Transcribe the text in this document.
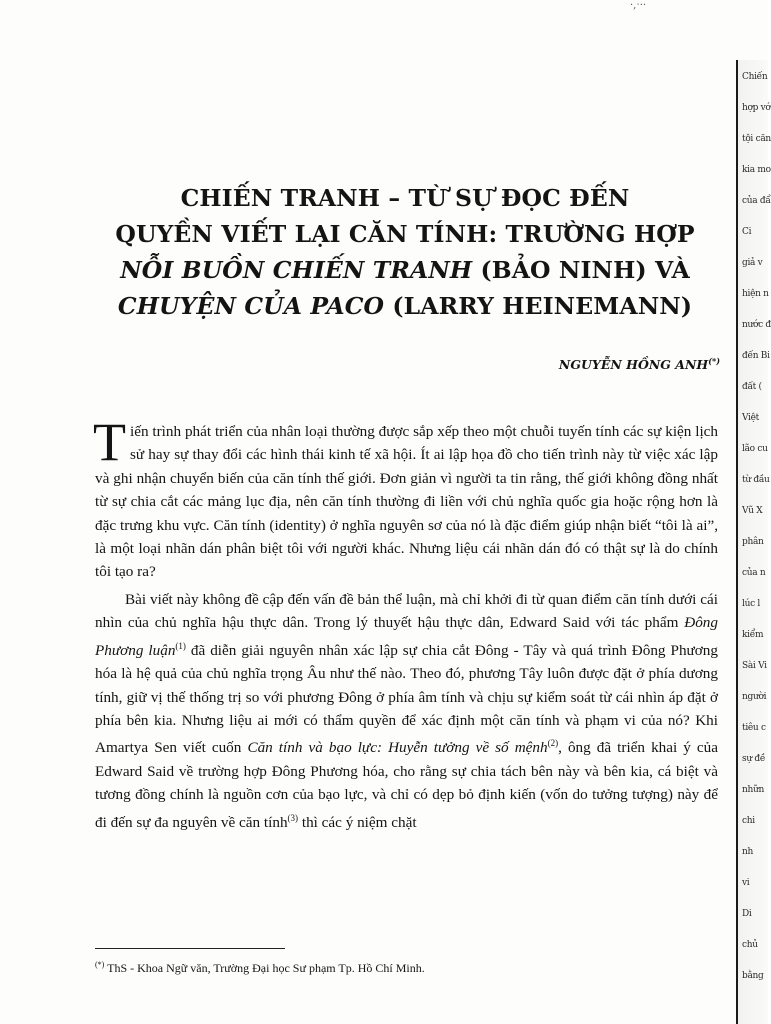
·,ˑ··
Chiến
hợp vớ
tội căn
kia mo
của đẩ
Ci
giả v
hiện n
nước đ
đến Bi
đất (
Việt
lão cu
từ đầu
Vũ X
phân
của n
lúc l
kiểm
Sài Vi
người
tiêu c
sự đề
nhữn
chi
nh
vi
Di
chủ
bằng
CHIẾN TRANH – TỪ SỰ ĐỌC ĐẾN
QUYỀN VIẾT LẠI CĂN TÍNH: TRƯỜNG HỢP
NỖI BUỒN CHIẾN TRANH (BẢO NINH) VÀ
CHUYỆN CỦA PACO (LARRY HEINEMANN)
NGUYỄN HỒNG ANH(*)

Tiến trình phát triển của nhân loại thường được sắp xếp theo một chuỗi tuyến tính các sự kiện lịch sử hay sự thay đổi các hình thái kinh tế xã hội. Ít ai lập họa đồ cho tiến trình này từ việc xác lập và ghi nhận chuyển biến của căn tính thế giới. Đơn giản vì người ta tin rằng, thế giới không đồng nhất từ sự chia cắt các mảng lục địa, nên căn tính thường đi liền với chủ nghĩa quốc gia hoặc rộng hơn là đặc trưng khu vực. Căn tính (identity) ở nghĩa nguyên sơ của nó là đặc điểm giúp nhận biết “tôi là ai”, là một loại nhãn dán phân biệt tôi với người khác. Nhưng liệu cái nhãn dán đó có thật sự là do chính tôi tạo ra?

Bài viết này không đề cập đến vấn đề bản thể luận, mà chỉ khởi đi từ quan điểm căn tính dưới cái nhìn của chủ nghĩa hậu thực dân. Trong lý thuyết hậu thực dân, Edward Said với tác phẩm Đông Phương luận$^{(1)}$ đã diễn giải nguyên nhân xác lập sự chia cắt Đông - Tây và quá trình Đông Phương hóa là hệ quả của chủ nghĩa trọng Âu như thế nào. Theo đó, phương Tây luôn được đặt ở phía dương tính, giữ vị thế thống trị so với phương Đông ở phía âm tính và chịu sự kiểm soát từ cái nhìn áp đặt ở phía bên kia. Nhưng liệu ai mới có thẩm quyền để xác định một căn tính và phạm vi của nó? Khi Amartya Sen viết cuốn Căn tính và bạo lực: Huyễn tưởng về số mệnh$^{(2)}$, ông đã triển khai ý của Edward Said về trường hợp Đông Phương hóa, cho rằng sự chia tách bên này và bên kia, cá biệt và tương đồng chính là nguồn cơn của bạo lực, và chỉ có dẹp bỏ định kiến (vốn do tưởng tượng) này để đi đến sự đa nguyên về căn tính$^{(3)}$ thì các ý niệm chặt

(*) ThS - Khoa Ngữ văn, Trường Đại học Sư phạm Tp. Hồ Chí Minh.
